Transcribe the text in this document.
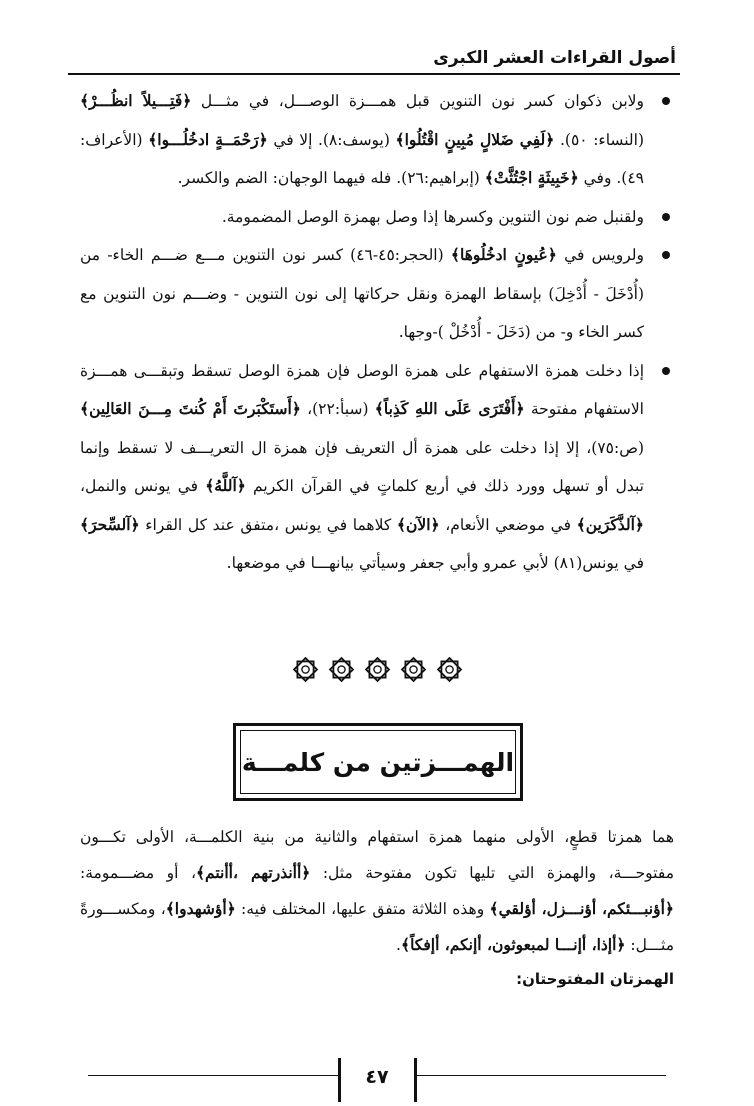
أصول القراءات العشر الكبرى
ولابن ذكوان كسر نون التنوين قبل همـــزة الوصـــل، في مثـــل ﴿فَتِـــيلاً انظُـــرْ﴾ (النساء: ٥٠). ﴿لَفِي ضَلالٍ مُبِينٍ اقْتُلُوا﴾ (يوسف:٨). إلا في ﴿رَحْمَــةٍ ادخُلُـــوا﴾ (الأعراف: ٤٩). وفي ﴿خَبِيثَةٍ اجْتُثَّتْ﴾ (إبراهيم:٢٦). فله فيهما الوجهان: الضم والكسر.
ولقنبل ضم نون التنوين وكسرها إذا وصل بهمزة الوصل المضمومة.
ولرويس في ﴿عُيونٍ ادخُلُوهَا﴾ (الحجر:٤٥-٤٦) كسر نون التنوين مـــع ضـــم الخاء- من (أُدْخَلَ - أُدْخِلَ) بإسقاط الهمزة ونقل حركاتها إلى نون التنوين - وضـــم نون التنوين مع كسر الخاء و- من (دَخَلَ - أُدْخُلْ )-وجها.
إذا دخلت همزة الاستفهام على همزة الوصل فإن همزة الوصل تسقط وتبقـــى همـــزة الاستفهام مفتوحة ﴿أَفْتَرَى عَلَى اللهِ كَذِباً﴾ (سبأ:٢٢)، ﴿أَستَكْبَرتَ أَمْ كُنتَ مِـــنَ العَالِين﴾(ص:٧٥)، إلا إذا دخلت على همزة أل التعريف فإن همزة ال التعريـــف لا تسقط وإنما تبدل أو تسهل وورد ذلك في أربع كلماتٍ في القرآن الكريم ﴿آللَّهُ﴾ في يونس والنمل، ﴿آلذَّكَرَين﴾ في موضعي الأنعام، ﴿الآن﴾ كلاهما في يونس ،متفق عند كل القراء ﴿آلسِّحرَ﴾ في يونس(٨١) لأبي عمرو وأبي جعفر وسيأتي بيانهـــا في موضعها.
الهمـــزتين من كلمـــة

هما همزتا قطعٍ، الأولى منهما همزة استفهام والثانية من بنية الكلمـــة، الأولى تكـــون مفتوحـــة، والهمزة التي تليها تكون مفتوحة مثل: ﴿أأنذرتهم ،أأنتم﴾، أو مضـــمومة: ﴿أؤنبـــئكم، أؤنـــزل، أؤلقي﴾ وهذه الثلاثة متفق عليها، المختلف فيه: ﴿أؤشهدوا﴾، ومكســـورةً مثـــل: ﴿أإذا، أإنـــا لمبعوثون، أإنكم، أإفكاً﴾.

الهمزتان المفتوحتان:
٤٧
